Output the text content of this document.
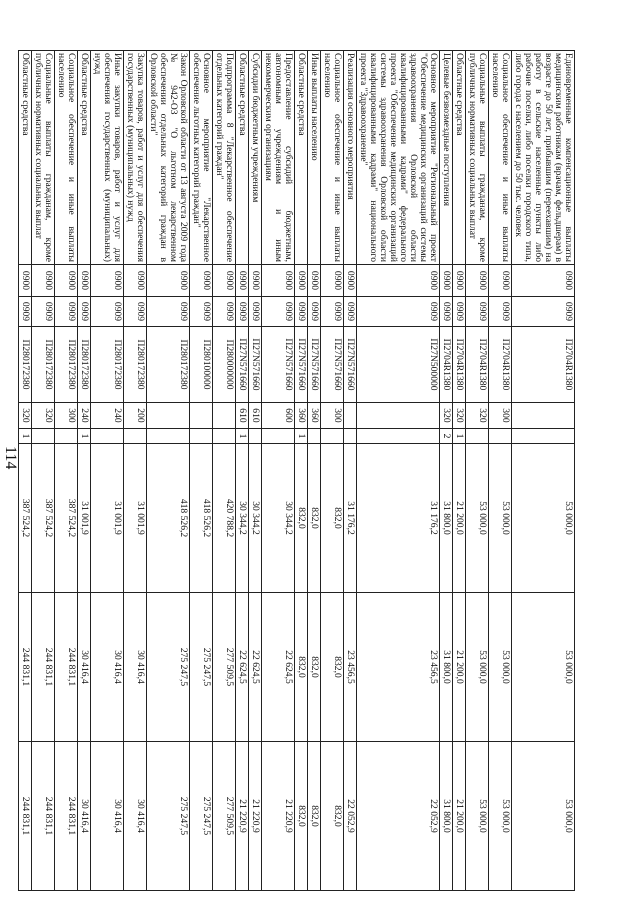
114
Единовременные компенсационные выплаты медицинским работникам (врачам, фельдшерам) в возрасте до 50 лет, прибывшим (переехавшим) на работу в сельские населенные пункты либо рабочие поселки, либо поселки городского типа, либо города с населением до 50 тыс. человек	0900	0909	П2704R1380			53 000,0	53 000,0	53 000,0
Социальное обеспечение и иные выплаты населению	0900	0909	П2704R1380	300		53 000,0	53 000,0	53 000,0
Социальные выплаты гражданам, кроме публичных нормативных социальных выплат	0900	0909	П2704R1380	320		53 000,0	53 000,0	53 000,0
Областные средства	0900	0909	П2704R1380	320	1	21 200,0	21 200,0	21 200,0
Целевые безвозмездные поступления	0900	0909	П2704R1380	320	2	31 800,0	31 800,0	31 800,0
Основное мероприятие "Региональный проект "Обеспечение медицинских организаций системы здравоохранения Орловской области квалифицированными кадрами" федерального проекта "Обеспечение медицинских организаций системы здравоохранения Орловской области квалифицированными кадрами" национального проекта "Здравоохранение"	0900	0909	П27N500000			31 176,2	23 456,5	22 052,9
Реализация основного мероприятия	0900	0909	П27N571660			31 176,2	23 456,5	22 052,9
Социальное обеспечение и иные выплаты населению	0900	0909	П27N571660	300		832,0	832,0	832,0
Иные выплаты населению	0900	0909	П27N571660	360		832,0	832,0	832,0
Областные средства	0900	0909	П27N571660	360	1	832,0	832,0	832,0
Предоставление субсидий бюджетным, автономным учреждениям и иным некоммерческим организациям	0900	0909	П27N571660	600		30 344,2	22 624,5	21 220,9
Субсидии бюджетным учреждениям	0900	0909	П27N571660	610		30 344,2	22 624,5	21 220,9
Областные средства	0900	0909	П27N571660	610	1	30 344,2	22 624,5	21 220,9
Подпрограмма 8 "Лекарственное обеспечение отдельных категорий граждан"	0900	0909	П280000000			420 788,2	277 509,5	277 509,5
Основное мероприятие "Лекарственное обеспечение льготных категорий граждан"	0900	0909	П280100000			418 526,2	275 247,5	275 247,5
Закон Орловской области от 13 августа 2009 года № 942-ОЗ "О льготном лекарственном обеспечении отдельных категорий граждан в Орловской области"	0900	0909	П280172380			418 526,2	275 247,5	275 247,5
Закупка товаров, работ и услуг для обеспечения государственных (муниципальных) нужд	0900	0909	П280172380	200		31 001,9	30 416,4	30 416,4
Иные закупки товаров, работ и услуг для обеспечения государственных (муниципальных) нужд	0900	0909	П280172380	240		31 001,9	30 416,4	30 416,4
Областные средства	0900	0909	П280172380	240	1	31 001,9	30 416,4	30 416,4
Социальное обеспечение и иные выплаты населению	0900	0909	П280172380	300		387 524,2	244 831,1	244 831,1
Социальные выплаты гражданам, кроме публичных нормативных социальных выплат	0900	0909	П280172380	320		387 524,2	244 831,1	244 831,1
Областные средства	0900	0909	П280172380	320	1	387 524,2	244 831,1	244 831,1
